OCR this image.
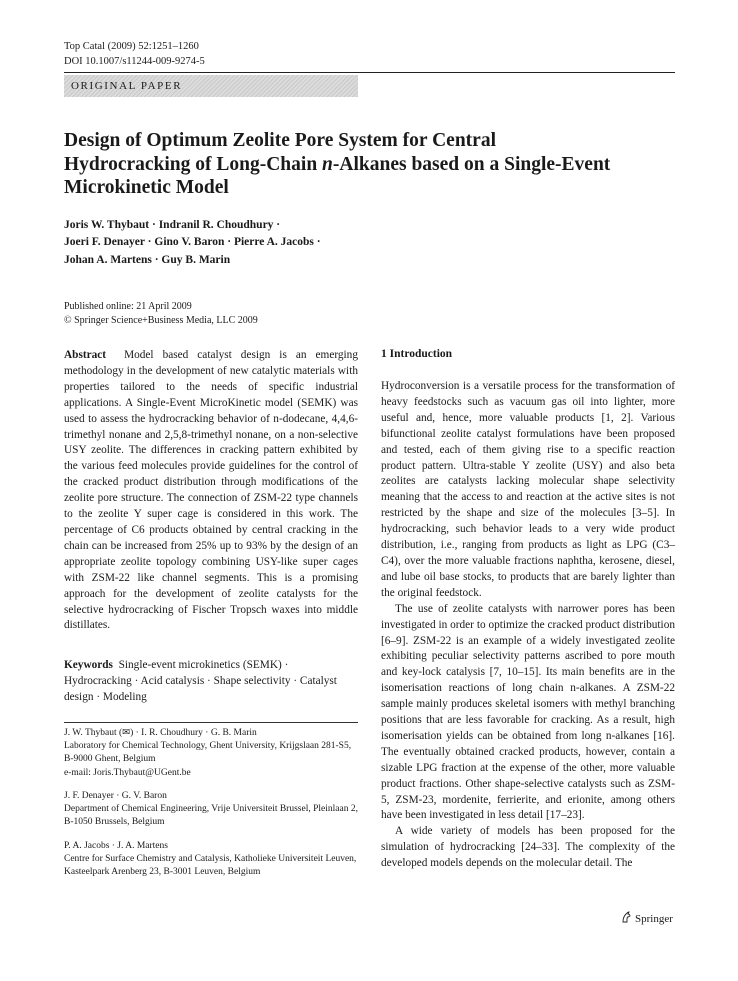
Top Catal (2009) 52:1251–1260
DOI 10.1007/s11244-009-9274-5
ORIGINAL PAPER
Design of Optimum Zeolite Pore System for Central Hydrocracking of Long-Chain n-Alkanes based on a Single-Event Microkinetic Model
Joris W. Thybaut · Indranil R. Choudhury ·
Joeri F. Denayer · Gino V. Baron · Pierre A. Jacobs ·
Johan A. Martens · Guy B. Marin
Published online: 21 April 2009
© Springer Science+Business Media, LLC 2009
Abstract Model based catalyst design is an emerging methodology in the development of new catalytic materials with properties tailored to the needs of specific industrial applications. A Single-Event MicroKinetic model (SEMK) was used to assess the hydrocracking behavior of n-dodecane, 4,4,6-trimethyl nonane and 2,5,8-trimethyl nonane, on a non-selective USY zeolite. The differences in cracking pattern exhibited by the various feed molecules provide guidelines for the control of the cracked product distribution through modifications of the zeolite pore structure. The connection of ZSM-22 type channels to the zeolite Y super cage is considered in this work. The percentage of C6 products obtained by central cracking in the chain can be increased from 25% up to 93% by the design of an appropriate zeolite topology combining USY-like super cages with ZSM-22 like channel segments. This is a promising approach for the development of zeolite catalysts for the selective hydrocracking of Fischer Tropsch waxes into middle distillates.
Keywords Single-event microkinetics (SEMK) · Hydrocracking · Acid catalysis · Shape selectivity · Catalyst design · Modeling
J. W. Thybaut (✉) · I. R. Choudhury · G. B. Marin
Laboratory for Chemical Technology, Ghent University, Krijgslaan 281-S5, B-9000 Ghent, Belgium
e-mail: Joris.Thybaut@UGent.be
J. F. Denayer · G. V. Baron
Department of Chemical Engineering, Vrije Universiteit Brussel, Pleinlaan 2, B-1050 Brussels, Belgium
P. A. Jacobs · J. A. Martens
Centre for Surface Chemistry and Catalysis, Katholieke Universiteit Leuven, Kasteelpark Arenberg 23, B-3001 Leuven, Belgium
1 Introduction

Hydroconversion is a versatile process for the transformation of heavy feedstocks such as vacuum gas oil into lighter, more useful and, hence, more valuable products [1, 2]. Various bifunctional zeolite catalyst formulations have been proposed and tested, each of them giving rise to a specific reaction product pattern. Ultra-stable Y zeolite (USY) and also beta zeolites are catalysts lacking molecular shape selectivity meaning that the access to and reaction at the active sites is not restricted by the shape and size of the molecules [3–5]. In hydrocracking, such behavior leads to a very wide product distribution, i.e., ranging from products as light as LPG (C3–C4), over the more valuable fractions naphtha, kerosene, diesel, and lube oil base stocks, to products that are barely lighter than the original feedstock.

The use of zeolite catalysts with narrower pores has been investigated in order to optimize the cracked product distribution [6–9]. ZSM-22 is an example of a widely investigated zeolite exhibiting peculiar selectivity patterns ascribed to pore mouth and key-lock catalysis [7, 10–15]. Its main benefits are in the isomerisation reactions of long chain n-alkanes. A ZSM-22 sample mainly produces skeletal isomers with methyl branching positions that are less favorable for cracking. As a result, high isomerisation yields can be obtained from long n-alkanes [16]. The eventually obtained cracked products, however, contain a sizable LPG fraction at the expense of the other, more valuable product fractions. Other shape-selective catalysts such as ZSM-5, ZSM-23, mordenite, ferrierite, and erionite, among others have been investigated in less detail [17–23].

A wide variety of models has been proposed for the simulation of hydrocracking [24–33]. The complexity of the developed models depends on the molecular detail. The

Springer
